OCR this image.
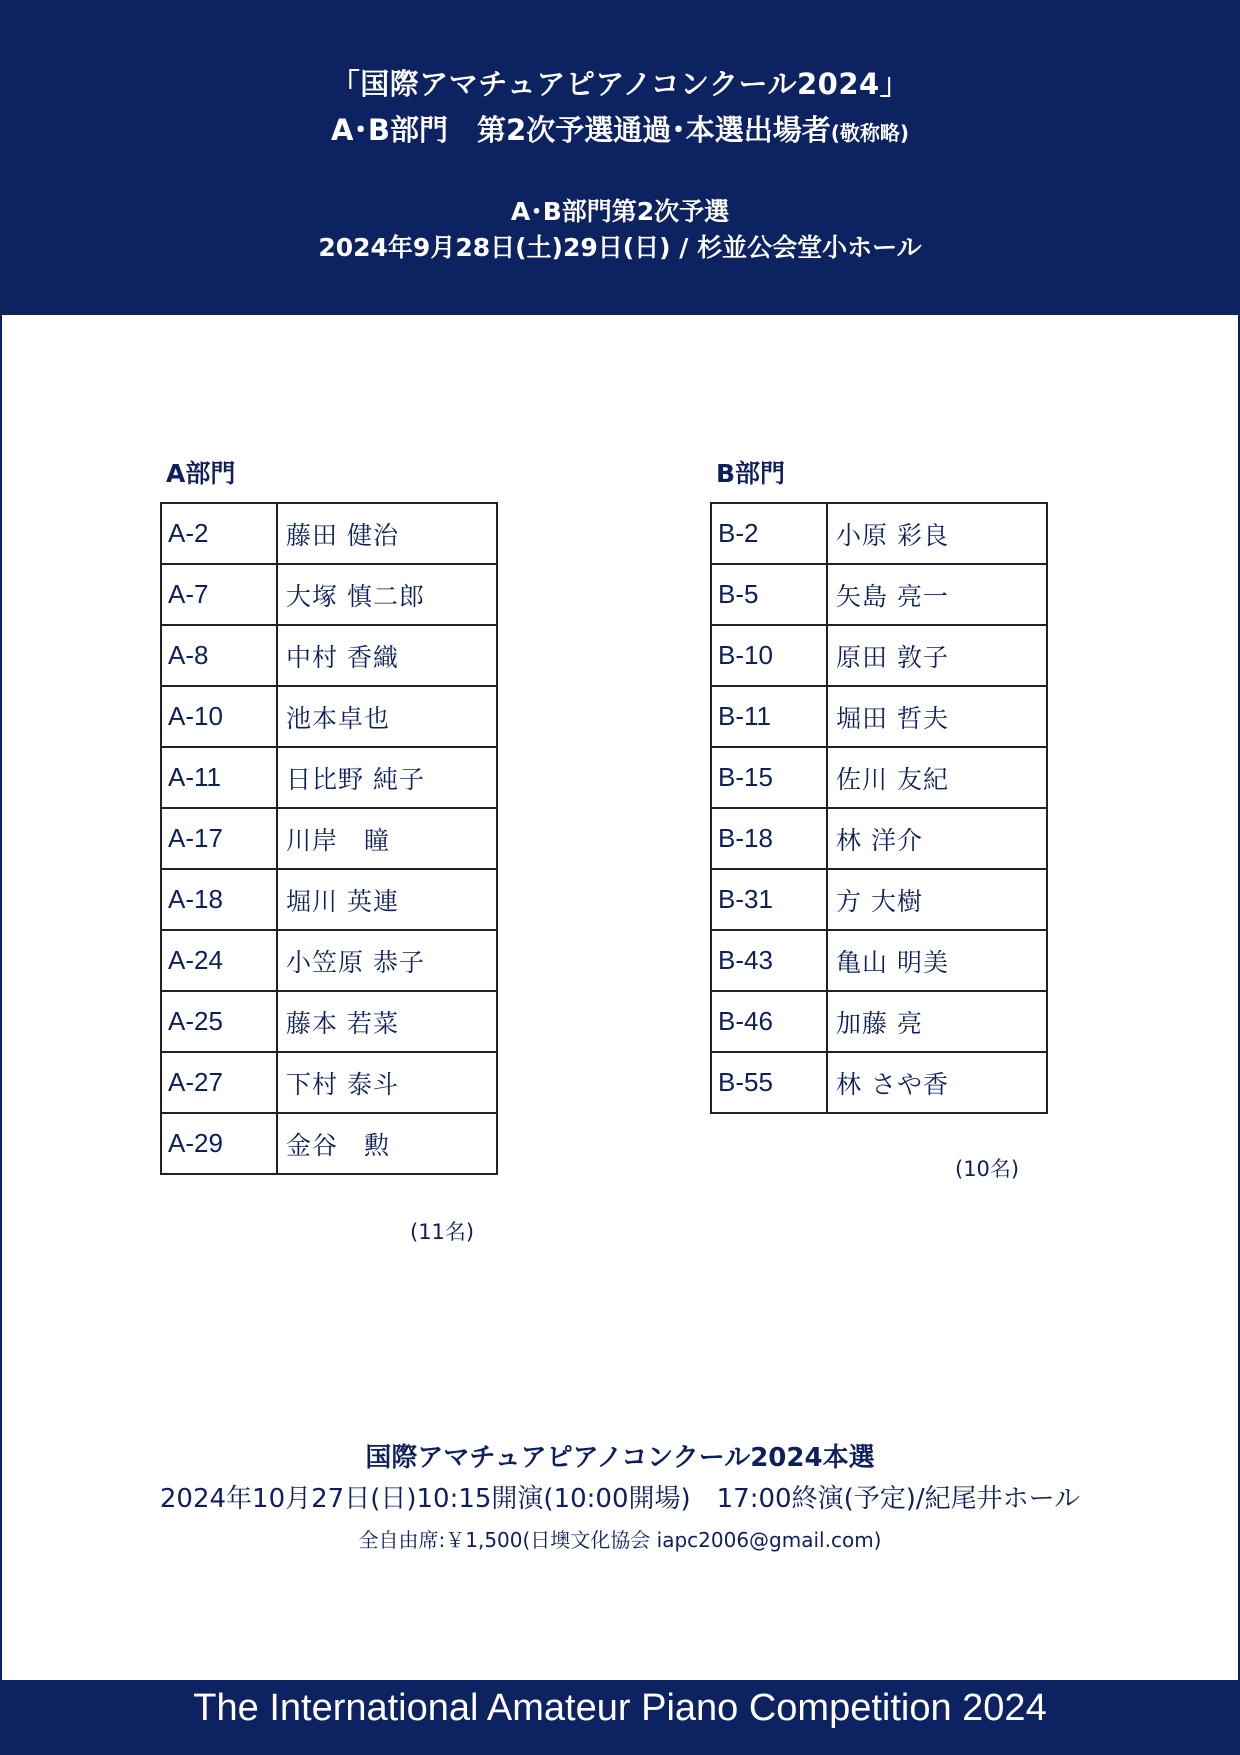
「国際アマチュアピアノコンクール2024」
A･B部門　第2次予選通過･本選出場者(敬称略)
A･B部門第2次予選
2024年9月28日(土)29日(日) / 杉並公会堂小ホール
A部門
A-2	藤田 健治
A-7	大塚 慎二郎
A-8	中村 香織
A-10	池本卓也
A-11	日比野 純子
A-17	川岸　瞳
A-18	堀川 英連
A-24	小笠原 恭子
A-25	藤本 若菜
A-27	下村 泰斗
A-29	金谷　勲
(11名)
B部門
B-2	小原 彩良
B-5	矢島 亮一
B-10	原田 敦子
B-11	堀田 哲夫
B-15	佐川 友紀
B-18	林 洋介
B-31	方 大樹
B-43	亀山 明美
B-46	加藤 亮
B-55	林 さや香
(10名)
国際アマチュアピアノコンクール2024本選
2024年10月27日(日)10:15開演(10:00開場)　17:00終演(予定)/紀尾井ホール
全自由席:￥1,500(日墺文化協会 iapc2006@gmail.com)
The International Amateur Piano Competition 2024
